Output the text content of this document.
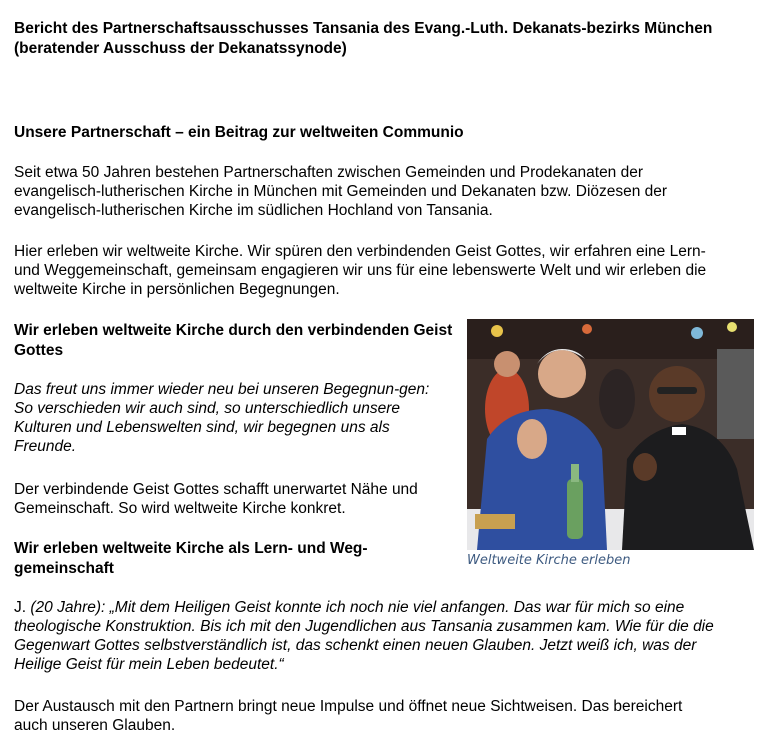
Bericht des Partnerschaftsausschusses Tansania des Evang.-Luth. Dekanats-bezirks München (beratender Ausschuss der Dekanatssynode)
Unsere Partnerschaft – ein Beitrag zur weltweiten Communio

Seit etwa 50 Jahren bestehen Partnerschaften zwischen Gemeinden und Prodekanaten der evangelisch-lutherischen Kirche in München mit Gemeinden und Dekanaten bzw. Diözesen der evangelisch-lutherischen Kirche im südlichen Hochland von Tansania.

Hier erleben wir weltweite Kirche. Wir spüren den verbindenden Geist Gottes, wir erfahren eine Lern- und Weggemeinschaft, gemeinsam engagieren wir uns für eine lebenswerte Welt und wir erleben die weltweite Kirche in persönlichen Begegnungen.

Wir erleben weltweite Kirche durch den verbindenden Geist Gottes

Das freut uns immer wieder neu bei unseren Begegnun-gen: So verschieden wir auch sind, so unterschiedlich unsere Kulturen und Lebenswelten sind, wir begegnen uns als Freunde.

Der verbindende Geist Gottes schafft unerwartet Nähe und Gemeinschaft. So wird weltweite Kirche konkret.

Wir erleben weltweite Kirche als Lern- und Weg-gemeinschaft

J. (20 Jahre): „Mit dem Heiligen Geist konnte ich noch nie viel anfangen. Das war für mich so eine theologische Konstruktion. Bis ich mit den Jugendlichen aus Tansania zusammen kam. Wie für die die Gegenwart Gottes selbstverständlich ist, das schenkt einen neuen Glauben. Jetzt weiß ich, was der Heilige Geist für mein Leben bedeutet.“

Der Austausch mit den Partnern bringt neue Impulse und öffnet neue Sichtweisen. Das bereichert auch unseren Glauben.

Weltweite Kirche erleben
